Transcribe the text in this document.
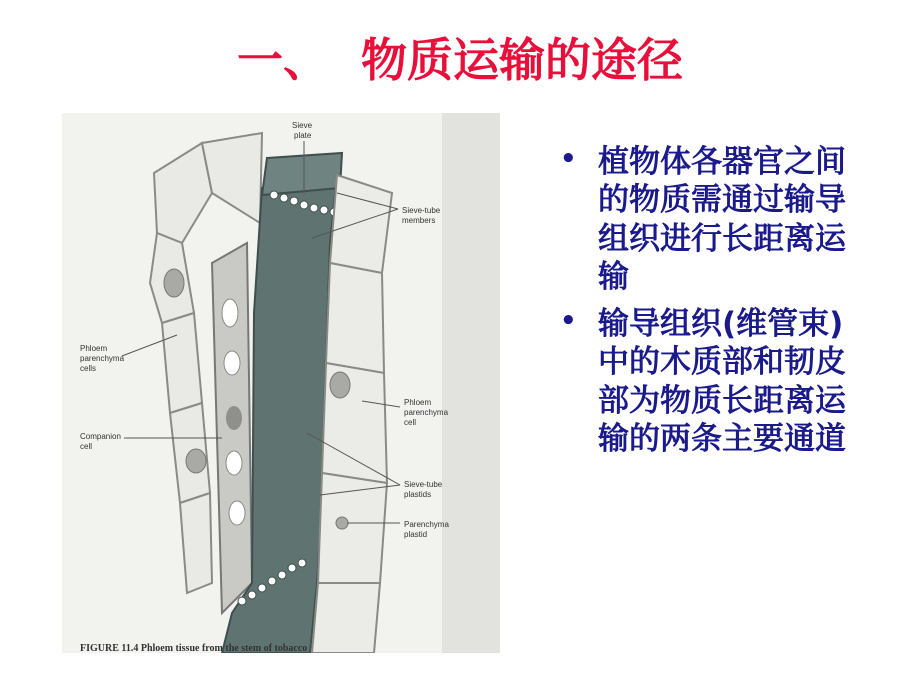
一、  物质运输的途径
Sieve
plate
Sieve-tube
members
Phloem
parenchyma
cells
Companion
cell
Phloem
parenchyma
cell
Sieve-tube
plastids
Parenchyma
plastid
FIGURE 11.4 Phloem tissue from the stem of tobacco
• 植物体各器官之间的物质需通过输导组织进行长距离运输
• 输导组织(维管束)中的木质部和韧皮部为物质长距离运输的两条主要通道
